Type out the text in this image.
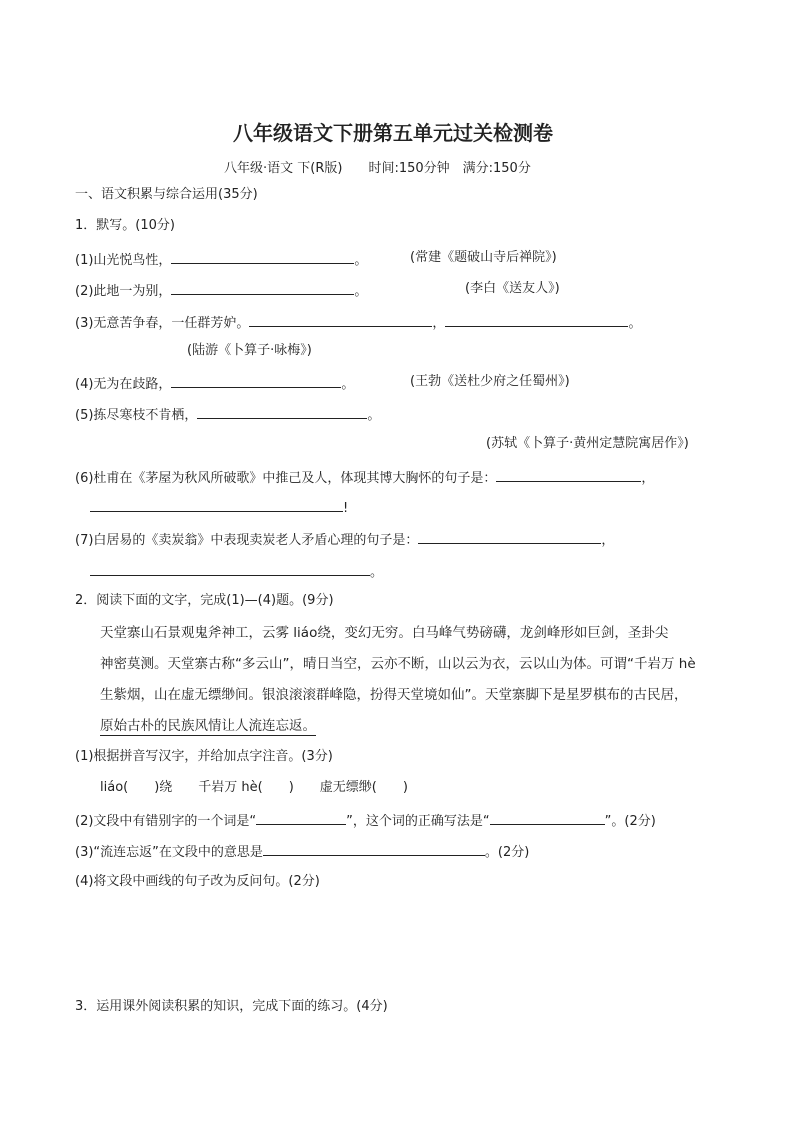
八年级语文下册第五单元过关检测卷
八年级·语文 下(R版)　　时间:150分钟　满分:150分
一、语文积累与综合运用(35分)
1．默写。(10分)
(1)山光悦鸟性，	。	(常建《题破山寺后禅院》)
(2)此地一为别，	。	(李白《送友人》)
(3)无意苦争春，一任群芳妒。	，	。
(陆游《卜算子·咏梅》)
(4)无为在歧路，	。	(王勃《送杜少府之任蜀州》)
(5)拣尽寒枝不肯栖，	。
(苏轼《卜算子·黄州定慧院寓居作》)
(6)杜甫在《茅屋为秋风所破歌》中推己及人，体现其博大胸怀的句子是：	，
!
(7)白居易的《卖炭翁》中表现卖炭老人矛盾心理的句子是：	，
。
2．阅读下面的文字，完成(1)—(4)题。(9分)
天堂寨山石景观鬼斧神工，云雾 liáo绕，变幻无穷。白马峰气势磅礴，龙剑峰形如巨剑，圣卦尖
神密莫测。天堂寨古称“多云山”，晴日当空，云亦不断，山以云为衣，云以山为体。可谓“千岩万 hè
生紫烟，山在虚无缥缈间。银浪滚滚群峰隐，扮得天堂境如仙”。天堂寨脚下是星罗棋布的古民居，
原始古朴的民族风情让人流连忘返。
(1)根据拼音写汉字，并给加点字注音。(3分)
liáo(　　)绕　　千岩万 hè(　　)　　虚无缥缈(　　)
(2)文段中有错别字的一个词是“	”，这个词的正确写法是“	”。(2分)
(3)“流连忘返”在文段中的意思是	。(2分)
(4)将文段中画线的句子改为反问句。(2分)
3．运用课外阅读积累的知识，完成下面的练习。(4分)
